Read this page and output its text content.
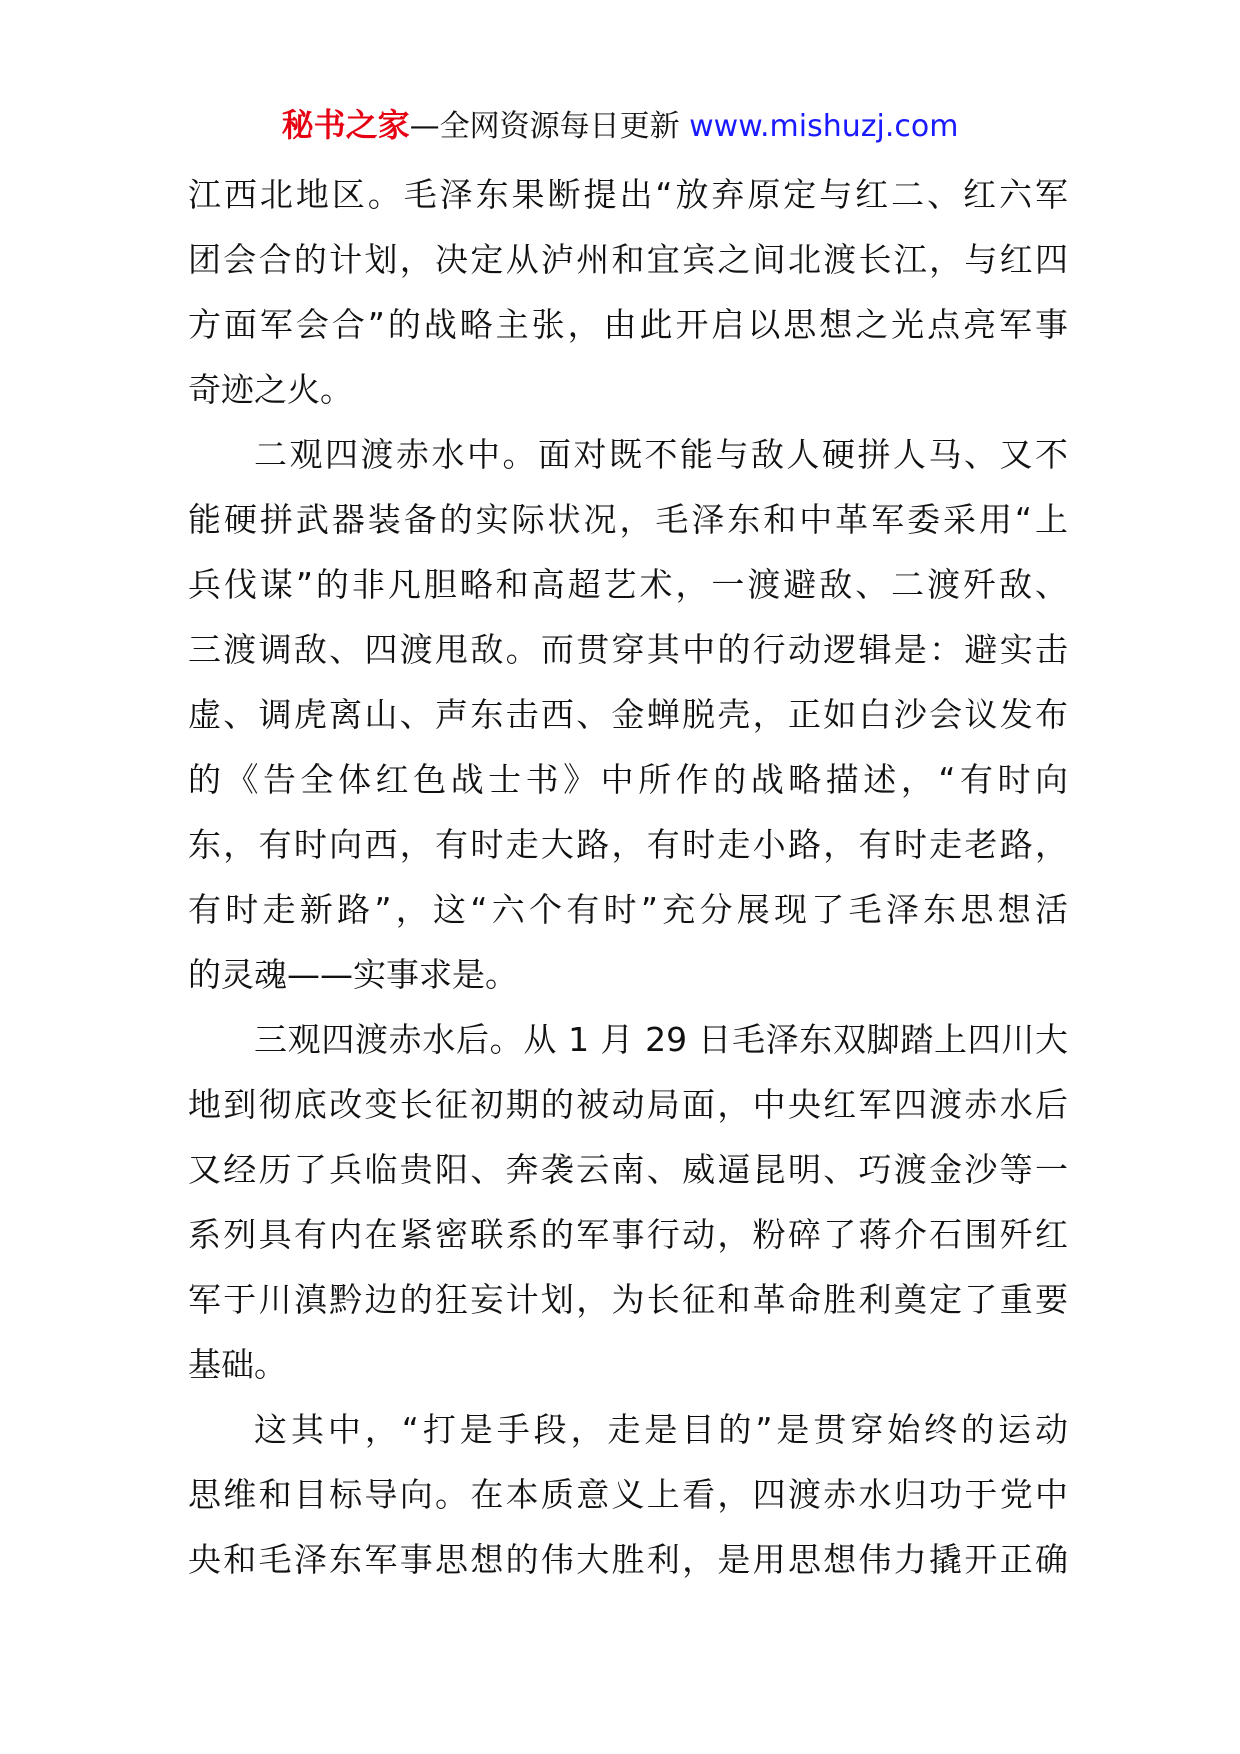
秘书之家—全网资源每日更新 www.mishuzj.com
江西北地区。毛泽东果断提出“放弃原定与红二、红六军
团会合的计划，决定从泸州和宜宾之间北渡长江，与红四
方面军会合”的战略主张，由此开启以思想之光点亮军事
奇迹之火。
二观四渡赤水中。面对既不能与敌人硬拼人马、又不
能硬拼武器装备的实际状况，毛泽东和中革军委采用“上
兵伐谋”的非凡胆略和高超艺术，一渡避敌、二渡歼敌、
三渡调敌、四渡甩敌。而贯穿其中的行动逻辑是：避实击
虚、调虎离山、声东击西、金蝉脱壳，正如白沙会议发布
的《告全体红色战士书》中所作的战略描述，“有时向
东，有时向西，有时走大路，有时走小路，有时走老路，
有时走新路”，这“六个有时”充分展现了毛泽东思想活
的灵魂——实事求是。
三观四渡赤水后。从 1 月 29 日毛泽东双脚踏上四川大
地到彻底改变长征初期的被动局面，中央红军四渡赤水后
又经历了兵临贵阳、奔袭云南、威逼昆明、巧渡金沙等一
系列具有内在紧密联系的军事行动，粉碎了蒋介石围歼红
军于川滇黔边的狂妄计划，为长征和革命胜利奠定了重要
基础。
这其中，“打是手段，走是目的”是贯穿始终的运动
思维和目标导向。在本质意义上看，四渡赤水归功于党中
央和毛泽东军事思想的伟大胜利，是用思想伟力撬开正确
